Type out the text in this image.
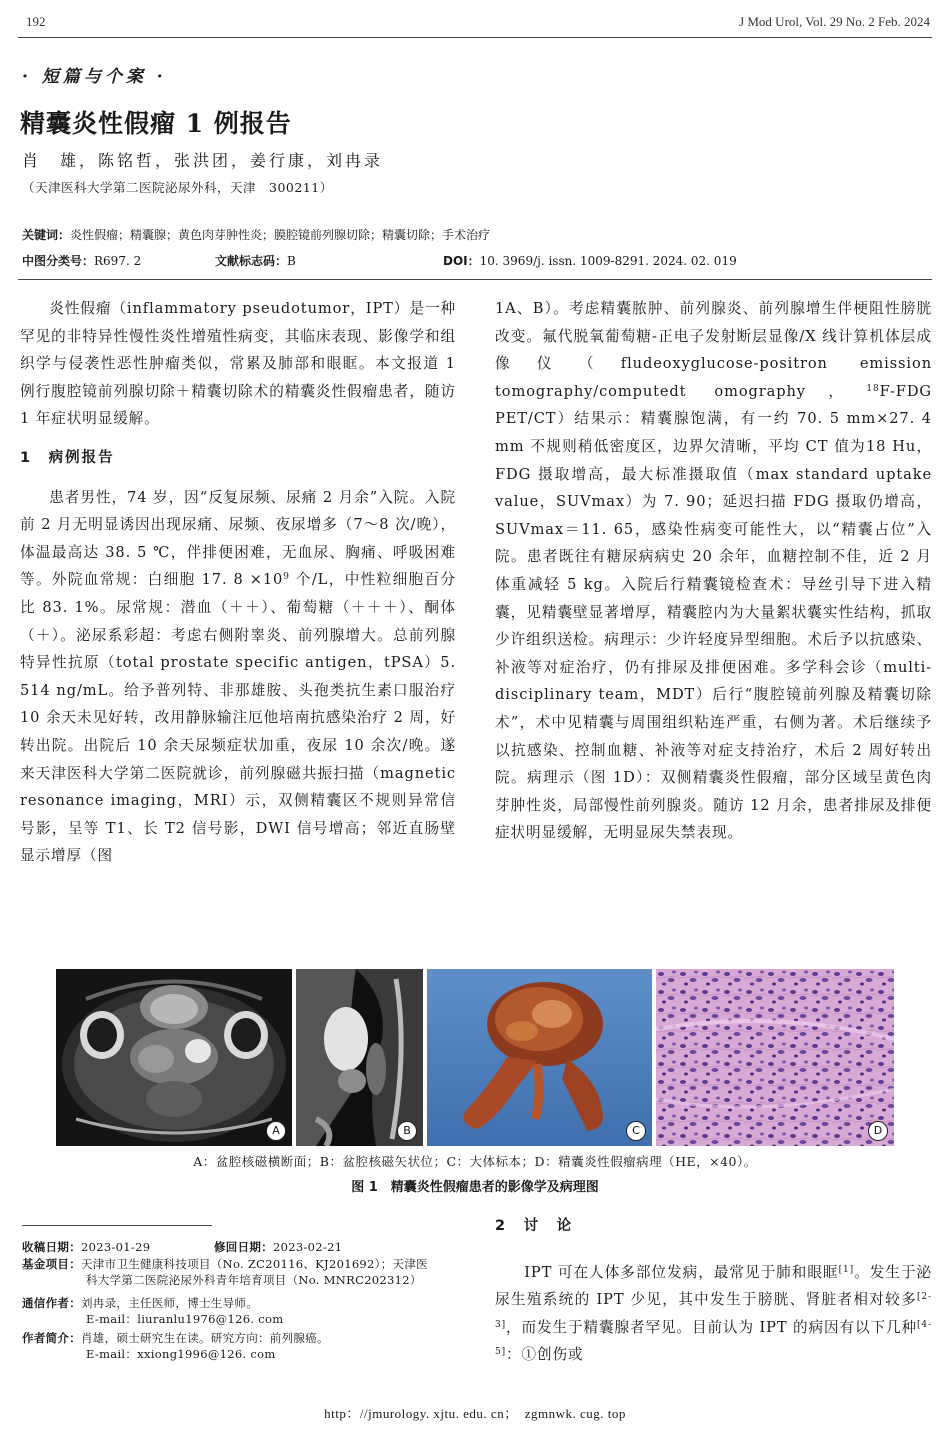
192	J Mod Urol, Vol. 29 No. 2 Feb. 2024
· 短篇与个案 ·
精囊炎性假瘤 1 例报告
肖　雄，陈铭哲，张洪团，姜行康，刘冉录
（天津医科大学第二医院泌尿外科，天津　300211）
关键词：炎性假瘤；精囊腺；黄色肉芽肿性炎；膜腔镜前列腺切除；精囊切除；手术治疗
中图分类号：R697. 2	文献标志码：B	DOI：10. 3969/j. issn. 1009-8291. 2024. 02. 019

炎性假瘤（inflammatory pseudotumor，IPT）是一种罕见的非特异性慢性炎性增殖性病变，其临床表现、影像学和组织学与侵袭性恶性肿瘤类似，常累及肺部和眼眶。本文报道 1 例行腹腔镜前列腺切除＋精囊切除术的精囊炎性假瘤患者，随访1 年症状明显缓解。

1　病例报告

患者男性，74 岁，因“反复尿频、尿痛 2 月余”入院。入院前 2 月无明显诱因出现尿痛、尿频、夜尿增多（7～8 次/晚），体温最高达 38. 5 ℃，伴排便困难，无血尿、胸痛、呼吸困难等。外院血常规：白细胞 17. $8 \times 10^9$ 个/L，中性粒细胞百分比 83. 1%。尿常规：潜血（＋＋）、葡萄糖（＋＋＋）、酮体（＋）。泌尿系彩超：考虑右侧附睾炎、前列腺增大。总前列腺特异性抗原（total prostate specific antigen，tPSA）5. 514 ng/mL。给予普列特、非那雄胺、头孢类抗生素口服治疗 10 余天未见好转，改用静脉输注厄他培南抗感染治疗 2 周，好转出院。出院后 10 余天尿频症状加重，夜尿 10 余次/晚。遂来天津医科大学第二医院就诊，前列腺磁共振扫描（magnetic resonance imaging，MRI）示，双侧精囊区不规则异常信号影，呈等 T1、长 T2 信号影，DWI 信号增高；邻近直肠壁显示增厚（图

1A、B）。考虑精囊脓肿、前列腺炎、前列腺增生伴梗阻性膀胱改变。氟代脱氧葡萄糖-正电子发射断层显像/X 线计算机体层成像仪（fludeoxyglucose-positron emission tomography/computedt omography，$^{18}$F-FDG PET/CT）结果示：精囊腺饱满，有一约 70. 5 mm×27. 4 mm 不规则稍低密度区，边界欠清晰，平均 CT 值为18 Hu，FDG 摄取增高，最大标准摄取值（max standard uptake value，SUVmax）为 7. 90；延迟扫描 FDG 摄取仍增高，SUVmax＝11. 65，感染性病变可能性大，以“精囊占位”入院。患者既往有糖尿病病史 20 余年，血糖控制不佳，近 2 月体重减轻 5 kg。入院后行精囊镜检查术：导丝引导下进入精囊，见精囊壁显著增厚，精囊腔内为大量絮状囊实性结构，抓取少许组织送检。病理示：少许轻度异型细胞。术后予以抗感染、补液等对症治疗，仍有排尿及排便困难。多学科会诊（multi-disciplinary team，MDT）后行“腹腔镜前列腺及精囊切除术”，术中见精囊与周围组织粘连严重，右侧为著。术后继续予以抗感染、控制血糖、补液等对症支持治疗，术后 2 周好转出院。病理示（图 1D）：双侧精囊炎性假瘤，部分区域呈黄色肉芽肿性炎，局部慢性前列腺炎。随访 12 月余，患者排尿及排便症状明显缓解，无明显尿失禁表现。

A	B	C	D
A：盆腔核磁横断面；B：盆腔核磁矢状位；C：大体标本；D：精囊炎性假瘤病理（HE，×40）。
图 1　精囊炎性假瘤患者的影像学及病理图
收稿日期：2023-01-29	修回日期：2023-02-21
基金项目：天津市卫生健康科技项目（No. ZC20116、KJ201692）；天津医
科大学第二医院泌尿外科青年培育项目（No. MNRC202312）
通信作者：刘冉录，主任医师，博士生导师。
E-mail：liuranlu1976@126. com
作者简介：肖雄，硕士研究生在读。研究方向：前列腺癌。
E-mail：xxiong1996@126. com

2　讨　论

IPT 可在人体多部位发病，最常见于肺和眼眶[1]。发生于泌尿生殖系统的 IPT 少见，其中发生于膀胱、肾脏者相对较多[2-3]，而发生于精囊腺者罕见。目前认为 IPT 的病因有以下几种[4-5]：①创伤或

http：//jmurology. xjtu. edu. cn；　zgmnwk. cug. top
